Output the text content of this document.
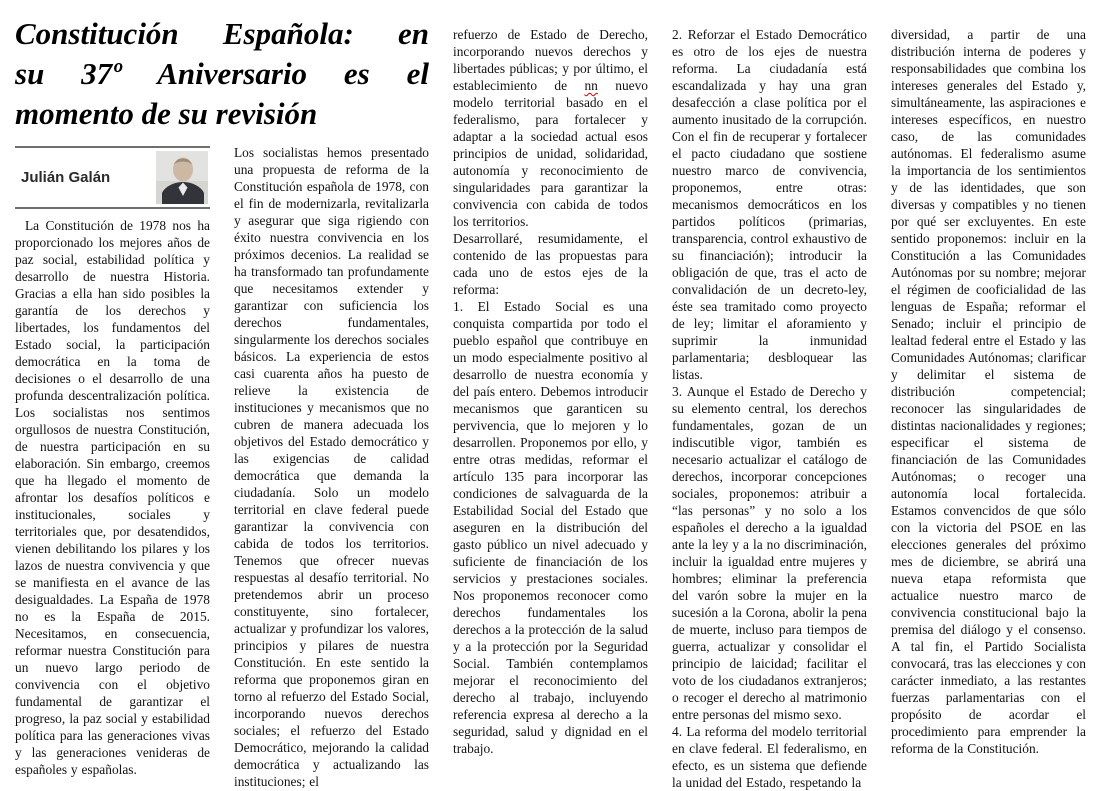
Constitución Española: en
su 37º Aniversario es el
momento de su revisión
Julián Galán

La Constitución de 1978 nos ha proporcionado los mejores años de paz social, estabilidad política y desarrollo de nuestra Historia. Gracias a ella han sido posibles la garantía de los derechos y libertades, los fundamentos del Estado social, la participación democrática en la toma de decisiones o el desarrollo de una profunda descentralización política. Los socialistas nos sentimos orgullosos de nuestra Constitución, de nuestra participación en su elaboración. Sin embargo, creemos que ha llegado el momento de afrontar los desafíos políticos e institucionales, sociales y territoriales que, por desatendidos, vienen debilitando los pilares y los lazos de nuestra convivencia y que se manifiesta en el avance de las desigualdades. La España de 1978 no es la España de 2015. Necesitamos, en consecuencia, reformar nuestra Constitución para un nuevo largo periodo de convivencia con el objetivo fundamental de garantizar el progreso, la paz social y estabilidad política para las generaciones vivas y las generaciones venideras de españoles y españolas.

Los socialistas hemos presentado una propuesta de reforma de la Constitución española de 1978, con el fin de modernizarla, revitalizarla y asegurar que siga rigiendo con éxito nuestra convivencia en los próximos decenios. La realidad se ha transformado tan profundamente que necesitamos extender y garantizar con suficiencia los derechos fundamentales, singularmente los derechos sociales básicos. La experiencia de estos casi cuarenta años ha puesto de relieve la existencia de instituciones y mecanismos que no cubren de manera adecuada los objetivos del Estado democrático y las exigencias de calidad democrática que demanda la ciudadanía. Solo un modelo territorial en clave federal puede garantizar la convivencia con cabida de todos los territorios. Tenemos que ofrecer nuevas respuestas al desafío territorial. No pretendemos abrir un proceso constituyente, sino fortalecer, actualizar y profundizar los valores, principios y pilares de nuestra Constitución. En este sentido la reforma que proponemos giran en torno al refuerzo del Estado Social, incorporando nuevos derechos sociales; el refuerzo del Estado Democrático, mejorando la calidad democrática y actualizando las instituciones; el

refuerzo de Estado de Derecho, incorporando nuevos derechos y libertades públicas; y por último, el establecimiento de nn nuevo modelo territorial basado en el federalismo, para fortalecer y adaptar a la sociedad actual esos principios de unidad, solidaridad, autonomía y reconocimiento de singularidades para garantizar la convivencia con cabida de todos los territorios.

Desarrollaré, resumidamente, el contenido de las propuestas para cada uno de estos ejes de la reforma:

1. El Estado Social es una conquista compartida por todo el pueblo español que contribuye en un modo especialmente positivo al desarrollo de nuestra economía y del país entero. Debemos introducir mecanismos que garanticen su pervivencia, que lo mejoren y lo desarrollen. Proponemos por ello, y entre otras medidas, reformar el artículo 135 para incorporar las condiciones de salvaguarda de la Estabilidad Social del Estado que aseguren en la distribución del gasto público un nivel adecuado y suficiente de financiación de los servicios y prestaciones sociales. Nos proponemos reconocer como derechos fundamentales los derechos a la protección de la salud y a la protección por la Seguridad Social. También contemplamos mejorar el reconocimiento del derecho al trabajo, incluyendo referencia expresa al derecho a la seguridad, salud y dignidad en el trabajo.

2. Reforzar el Estado Democrático es otro de los ejes de nuestra reforma. La ciudadanía está escandalizada y hay una gran desafección a clase política por el aumento inusitado de la corrupción. Con el fin de recuperar y fortalecer el pacto ciudadano que sostiene nuestro marco de convivencia, proponemos, entre otras: mecanismos democráticos en los partidos políticos (primarias, transparencia, control exhaustivo de su financiación); introducir la obligación de que, tras el acto de convalidación de un decreto-ley, éste sea tramitado como proyecto de ley; limitar el aforamiento y suprimir la inmunidad parlamentaria; desbloquear las listas.

3. Aunque el Estado de Derecho y su elemento central, los derechos fundamentales, gozan de un indiscutible vigor, también es necesario actualizar el catálogo de derechos, incorporar concepciones sociales, proponemos: atribuir a “las personas” y no solo a los españoles el derecho a la igualdad ante la ley y a la no discriminación, incluir la igualdad entre mujeres y hombres; eliminar la preferencia del varón sobre la mujer en la sucesión a la Corona, abolir la pena de muerte, incluso para tiempos de guerra, actualizar y consolidar el principio de laicidad; facilitar el voto de los ciudadanos extranjeros; o recoger el derecho al matrimonio entre personas del mismo sexo.

4. La reforma del modelo territorial en clave federal. El federalismo, en efecto, es un sistema que defiende la unidad del Estado, respetando la

diversidad, a partir de una distribución interna de poderes y responsabilidades que combina los intereses generales del Estado y, simultáneamente, las aspiraciones e intereses específicos, en nuestro caso, de las comunidades autónomas. El federalismo asume la importancia de los sentimientos y de las identidades, que son diversas y compatibles y no tienen por qué ser excluyentes. En este sentido proponemos: incluir en la Constitución a las Comunidades Autónomas por su nombre; mejorar el régimen de cooficialidad de las lenguas de España; reformar el Senado; incluir el principio de lealtad federal entre el Estado y las Comunidades Autónomas; clarificar y delimitar el sistema de distribución competencial; reconocer las singularidades de distintas nacionalidades y regiones; especificar el sistema de financiación de las Comunidades Autónomas; o recoger una autonomía local fortalecida. Estamos convencidos de que sólo con la victoria del PSOE en las elecciones generales del próximo mes de diciembre, se abrirá una nueva etapa reformista que actualice nuestro marco de convivencia constitucional bajo la premisa del diálogo y el consenso. A tal fin, el Partido Socialista convocará, tras las elecciones y con carácter inmediato, a las restantes fuerzas parlamentarias con el propósito de acordar el procedimiento para emprender la reforma de la Constitución.
